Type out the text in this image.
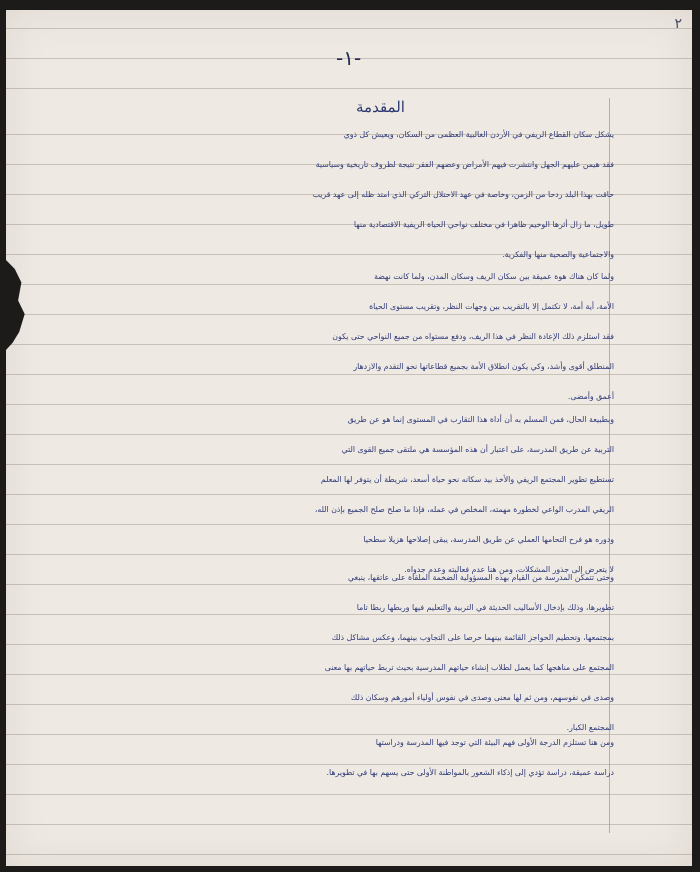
٢
-١-
المقدمة
يشكل سكان القطاع الريفي في الأردن الغالبية العظمى من السكان، ويعيش كل ذوي
فقد هيمن عليهم الجهل وانتشرت فيهم الأمراض وعضهم الفقر نتيجة لظروف تاريخية وسياسية
حاقت بهذا البلد ردحا من الزمن، وخاصة في عهد الاحتلال التركي الذي امتد ظله إلى عهد قريب
طويل، ما زال أثرها الوخيم ظاهرا في مختلف نواحي الحياة الريفية الاقتصادية منها
والاجتماعية والصحية منها والفكرية.
ولما كان هناك هوة عميقة بين سكان الريف وسكان المدن، ولما كانت نهضة
الأمة، أية أمة، لا تكتمل إلا بالتقريب بين وجهات النظر، وتقريب مستوى الحياة
فقد استلزم ذلك الإعادة النظر في هذا الريف، ودفع مستواه من جميع النواحي حتى يكون
المنطلق أقوى وأشد، وكي يكون انطلاق الأمة بجميع قطاعاتها نحو التقدم والازدهار
أعمق وأمضى.
وبطبيعة الحال، فمن المسلم به أن أداة هذا التقارب في المستوى إنما هو عن طريق
التربية عن طريق المدرسة، على اعتبار أن هذه المؤسسة هي ملتقى جميع القوى التي
تستطيع تطوير المجتمع الريفي والأخذ بيد سكانه نحو حياة أسعد، شريطة أن يتوفر لها المعلم
الريفي المدرب الواعي لخطورة مهمته، المخلص في عمله، فإذا ما صلح صلح الجميع بإذن الله،
ودوره هو فرح التحامها العملي عن طريق المدرسة، يبقى إصلاحها هزيلا سطحيا
لا يتعرض إلى جذور المشكلات، ومن هنا عدم فعاليته وعدم جدواه.
وحتى تتمكن المدرسة من القيام بهذه المسؤولية الضخمة الملقاة على عاتقها، ينبغي
تطويرها، وذلك بإدخال الأساليب الحديثة في التربية والتعليم فيها وربطها ربطا تاما
بمجتمعها، وتحطيم الحواجز القائمة بينهما حرصا على التجاوب بينهما، وعكس مشاكل ذلك
المجتمع على مناهجها كما يعمل لطلاب إنشاء حياتهم المدرسية بحيث تربط حياتهم بها معنى
وصدى في نفوسهم، ومن ثم لها معنى وصدى في نفوس أولياء أمورهم وسكان ذلك
المجتمع الكبار.
ومن هنا تستلزم الدرجة الأولى فهم البيئة التي توجد فيها المدرسة ودراستها
دراسة عميقة، دراسة تؤدي إلى إذكاء الشعور بالمواطنة الأولى حتى يسهم بها في تطويرها.
